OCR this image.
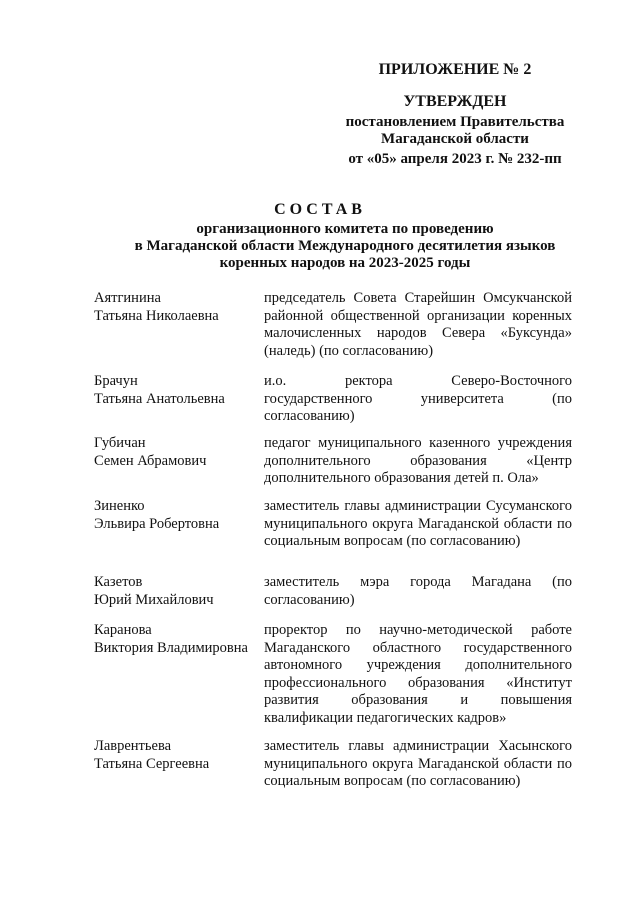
ПРИЛОЖЕНИЕ № 2
УТВЕРЖДЕН
постановлением Правительства
Магаданской области
от «05» апреля 2023 г. № 232-пп
СОСТАВ
организационного комитета по проведению
в Магаданской области Международного десятилетия языков
коренных народов на 2023-2025 годы
Аятгинина
Татьяна Николаевна
председатель Совета Старейшин Омсукчанской районной общественной организации коренных малочисленных народов Севера «Буксунда» (наледь) (по согласованию)
Брачун
Татьяна Анатольевна
и.о. ректора Северо-Восточного государственного университета (по согласованию)
Губичан
Семен Абрамович
педагог муниципального казенного учреждения дополнительного образования «Центр дополнительного образования детей п. Ола»
Зиненко
Эльвира Робертовна
заместитель главы администрации Сусуманского муниципального округа Магаданской области по социальным вопросам (по согласованию)
Казетов
Юрий Михайлович
заместитель мэра города Магадана (по согласованию)
Каранова
Виктория Владимировна
проректор по научно-методической работе Магаданского областного государственного автономного учреждения дополнительного профессионального образования «Институт развития образования и повышения квалификации педагогических кадров»
Лаврентьева
Татьяна Сергеевна
заместитель главы администрации Хасынского муниципального округа Магаданской области по социальным вопросам (по согласованию)
